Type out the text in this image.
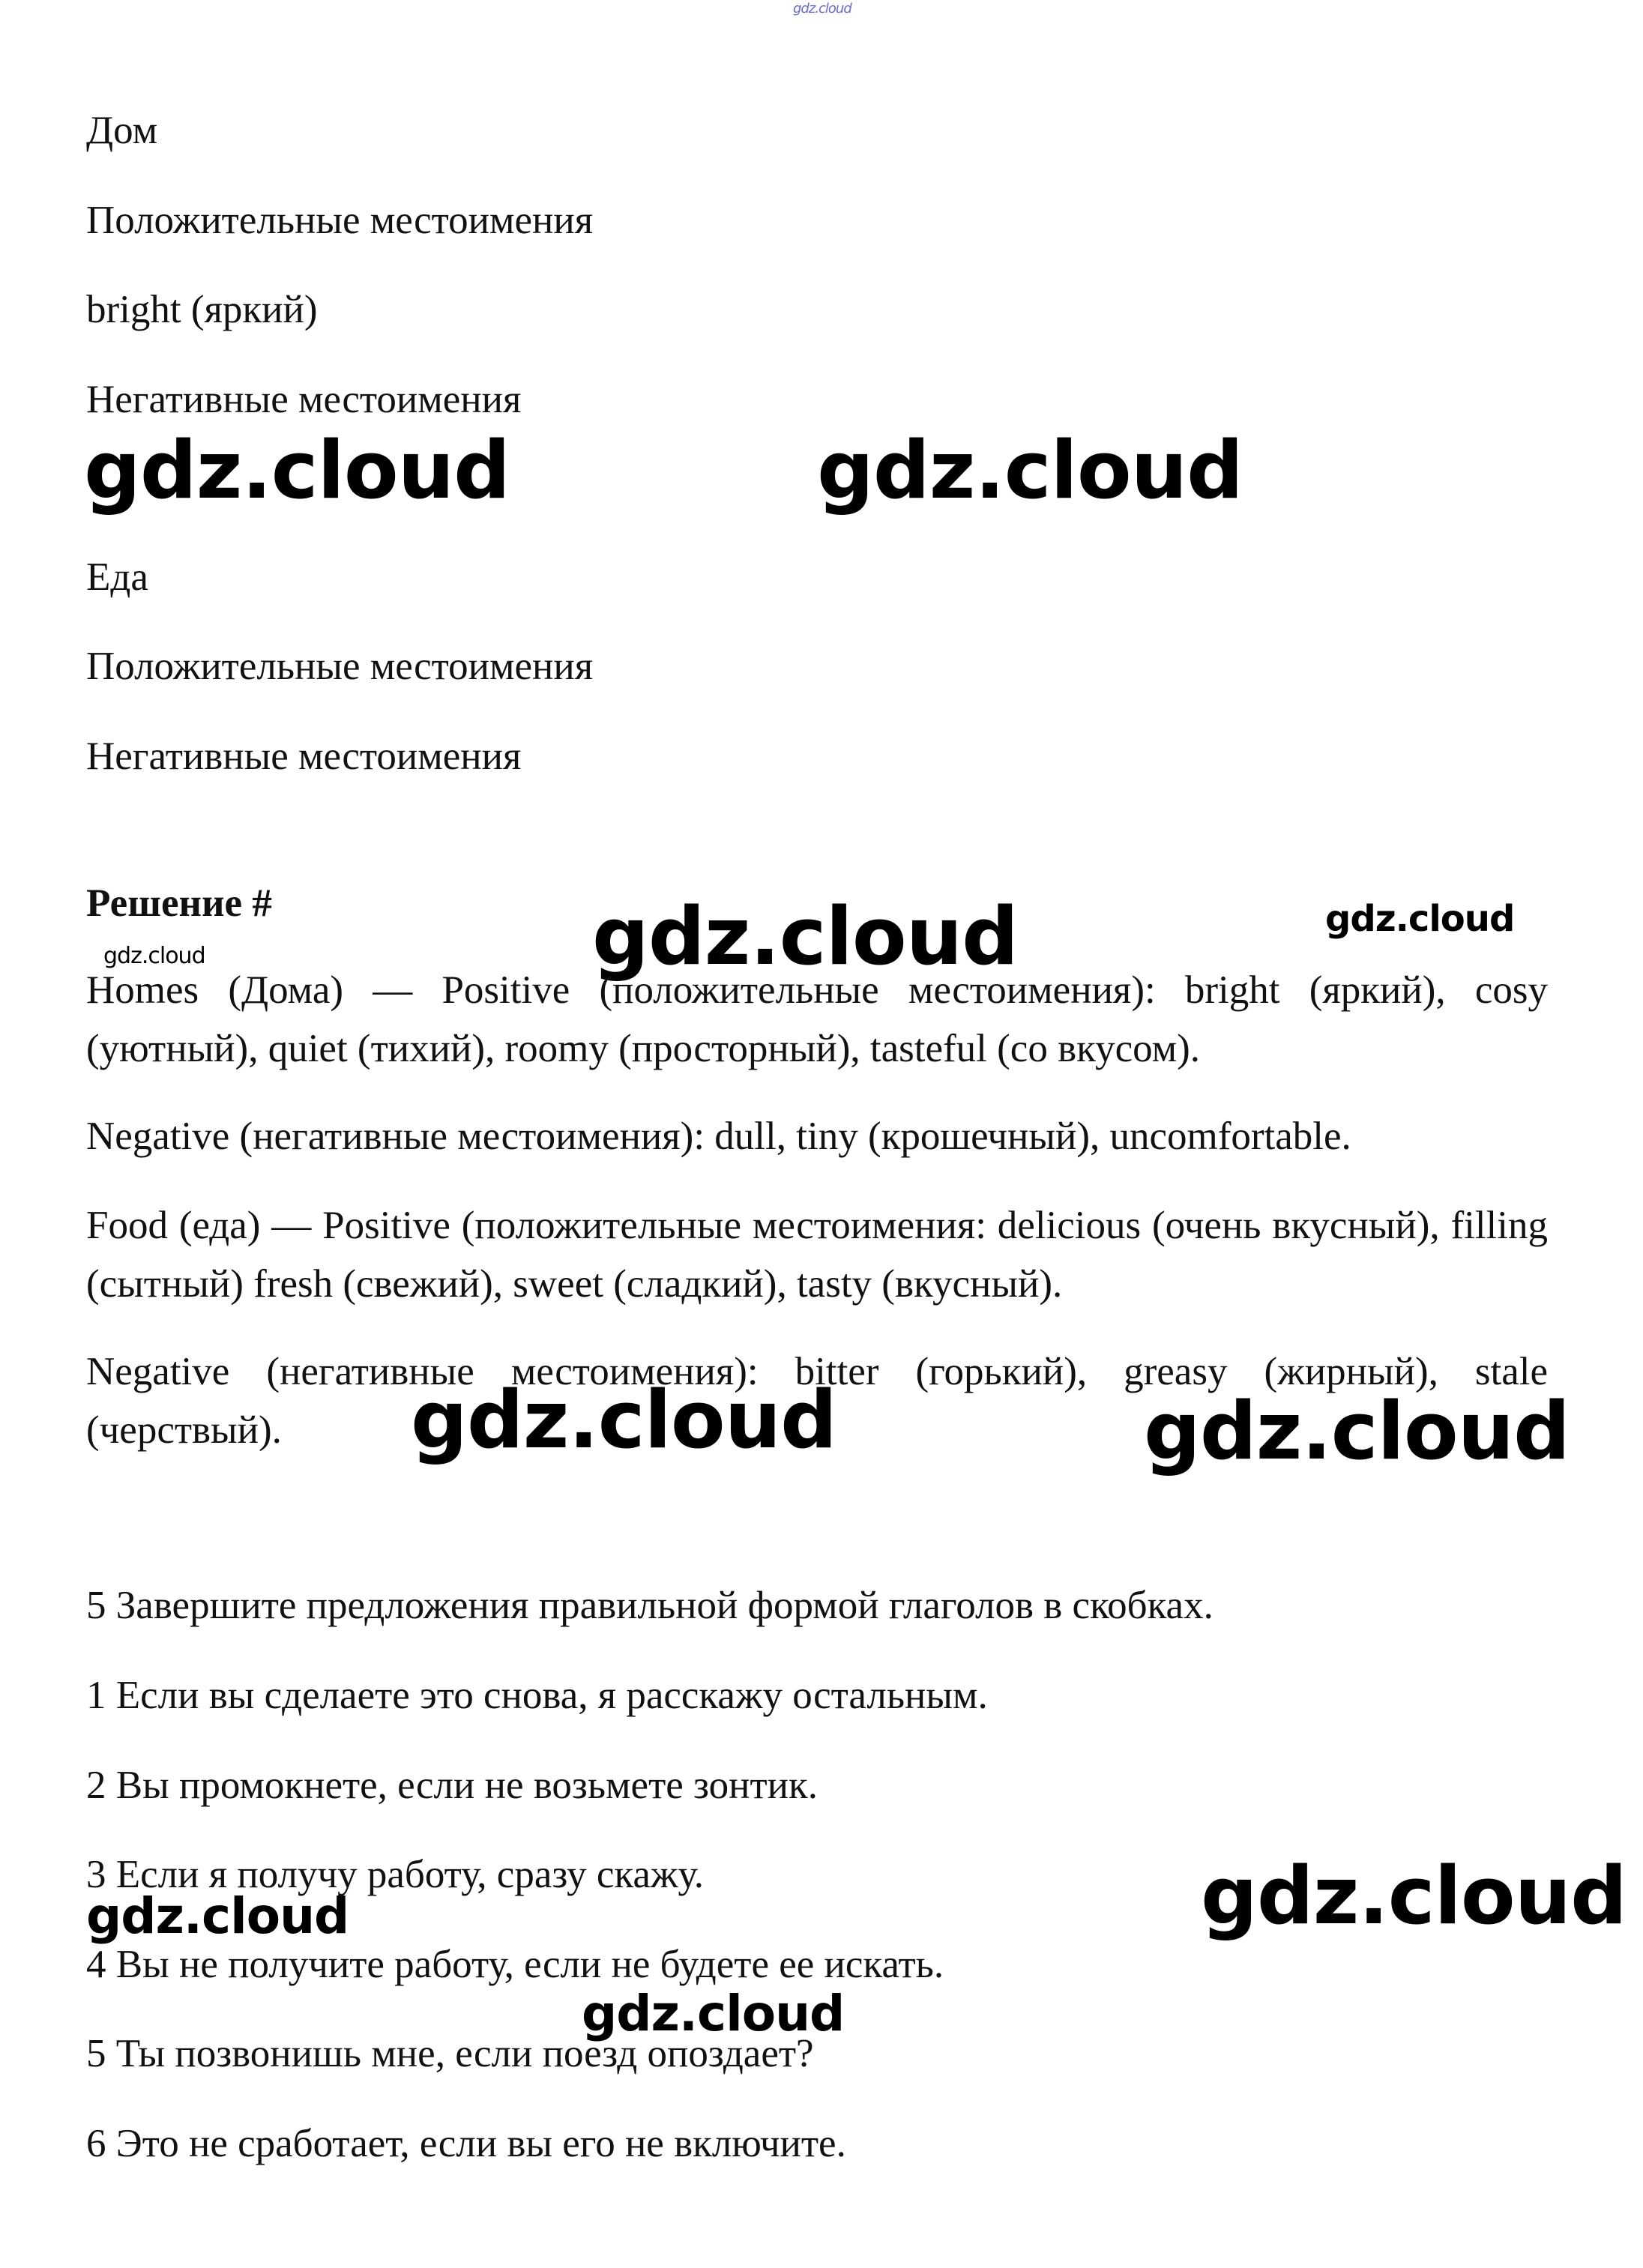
gdz.cloud
Дом
Положительные местоимения
bright (яркий)
Негативные местоимения
gdz.cloud	gdz.cloud
Еда
Положительные местоимения
Негативные местоимения
Решение #	gdz.cloud	gdz.cloud
gdz.cloud
Homes (Дома) — Positive (положительные местоимения): bright (яркий), cosy (уютный), quiet (тихий), roomy (просторный), tasteful (со вкусом).
Negative (негативные местоимения): dull, tiny (крошечный), uncomfortable.
Food (еда) — Positive (положительные местоимения: delicious (очень вкусный), filling (сытный) fresh (свежий), sweet (сладкий), tasty (вкусный).
Negative (негативные местоимения): bitter (горький), greasy (жирный), stale (черствый).	gdz.cloud	gdz.cloud
5 Завершите предложения правильной формой глаголов в скобках.
1 Если вы сделаете это снова, я расскажу остальным.
2 Вы промокнете, если не возьмете зонтик.
3 Если я получу работу, сразу скажу.	gdz.cloud
gdz.cloud
4 Вы не получите работу, если не будете ее искать.
gdz.cloud
5 Ты позвонишь мне, если поезд опоздает?
6 Это не сработает, если вы его не включите.
